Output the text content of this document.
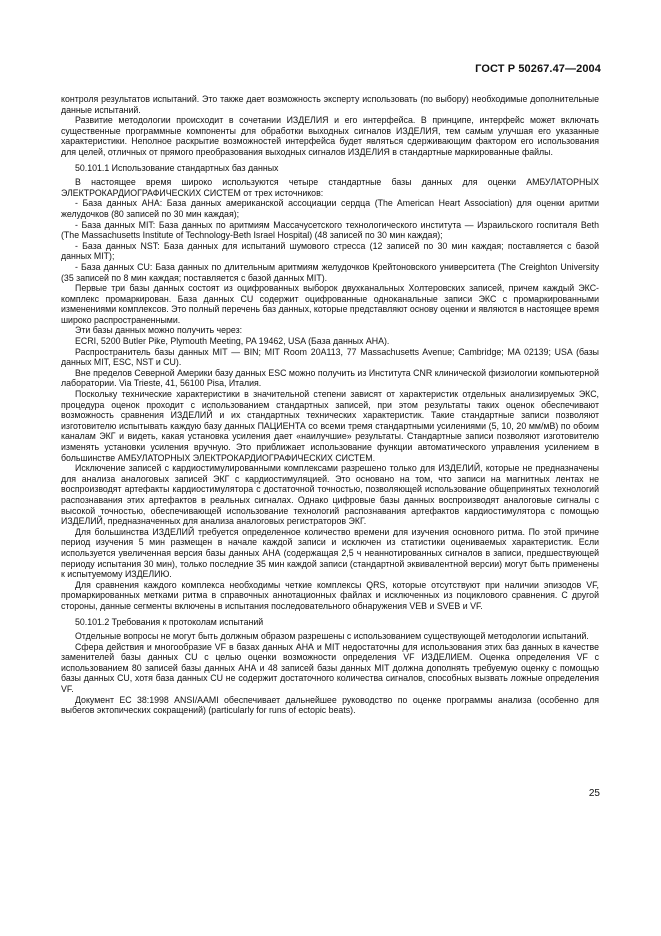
ГОСТ Р 50267.47—2004

контроля результатов испытаний. Это также дает возможность эксперту использовать (по выбору) необходимые дополнительные данные испытаний.

Развитие методологии происходит в сочетании ИЗДЕЛИЯ и его интерфейса. В принципе, интерфейс может включать существенные программные компоненты для обработки выходных сигналов ИЗДЕЛИЯ, тем самым улучшая его указанные характеристики. Неполное раскрытие возможностей интерфейса будет являться сдерживающим фактором его использования для целей, отличных от прямого преобразования выходных сигналов ИЗДЕЛИЯ в стандартные маркированные файлы.

50.101.1 Использование стандартных баз данных

В настоящее время широко используются четыре стандартные базы данных для оценки АМБУЛАТОРНЫХ ЭЛЕКТРОКАРДИОГРАФИЧЕСКИХ СИСТЕМ от трех источников:

- База данных АНА: База данных американской ассоциации сердца (The American Heart Association) для оценки аритми желудочков (80 записей по 30 мин каждая);

- База данных MIT: База данных по аритмиям Массачусетского технологического института — Израильского госпиталя Beth (The Massachusetts Institute of Technology-Beth Israel Hospital) (48 записей по 30 мин каждая);

- База данных NST: База данных для испытаний шумового стресса (12 записей по 30 мин каждая; поставляется с базой данных MIT);

- База данных CU: База данных по длительным аритмиям желудочков Крейтоновского университета (The Creighton University (35 записей по 8 мин каждая; поставляется с базой данных MIT).

Первые три базы данных состоят из оцифрованных выборок двухканальных Холтеровских записей, причем каждый ЭКС-комплекс промаркирован. База данных CU содержит оцифрованные одноканальные записи ЭКС с промаркированными изменениями комплексов. Это полный перечень баз данных, которые представляют основу оценки и являются в настоящее время широко распространенными.

Эти базы данных можно получить через:

ECRI, 5200 Butler Pike, Plymouth Meeting, PA 19462, USA (База данных АНА).

Распространитель базы данных MIT — BIN; MIT Room 20A113, 77 Massachusetts Avenue; Cambridge; MA 02139; USA (базы данных MIT, ESC, NST и CU).

Вне пределов Северной Америки базу данных ESC можно получить из Института CNR клинической физиологии компьютерной лаборатории. Via Trieste, 41, 56100 Pisa, Италия.

Поскольку технические характеристики в значительной степени зависят от характеристик отдельных анализируемых ЭКС, процедура оценок проходит с использованием стандартных записей, при этом результаты таких оценок обеспечивают возможность сравнения ИЗДЕЛИЙ и их стандартных технических характеристик. Такие стандартные записи позволяют изготовителю испытывать каждую базу данных ПАЦИЕНТА со всеми тремя стандартными усилениями (5, 10, 20 мм/мВ) по обоим каналам ЭКГ и видеть, какая установка усиления дает «наилучшие» результаты. Стандартные записи позволяют изготовителю изменять установки усиления вручную. Это приближает использование функции автоматического управления усилением в большинстве АМБУЛАТОРНЫХ ЭЛЕКТРОКАРДИОГРАФИЧЕСКИХ СИСТЕМ.

Исключение записей с кардиостимулированными комплексами разрешено только для ИЗДЕЛИЙ, которые не предназначены для анализа аналоговых записей ЭКГ с кардиостимуляцией. Это основано на том, что записи на магнитных лентах не воспроизводят артефакты кардиостимулятора с достаточной точностью, позволяющей использование общепринятых технологий распознавания этих артефактов в реальных сигналах. Однако цифровые базы данных воспроизводят аналоговые сигналы с высокой точностью, обеспечивающей использование технологий распознавания артефактов кардиостимулятора с помощью ИЗДЕЛИЙ, предназначенных для анализа аналоговых регистраторов ЭКГ.

Для большинства ИЗДЕЛИЙ требуется определенное количество времени для изучения основного ритма. По этой причине период изучения 5 мин размещен в начале каждой записи и исключен из статистики оцениваемых характеристик. Если используется увеличенная версия базы данных АНА (содержащая 2,5 ч неаннотированных сигналов в записи, предшествующей периоду испытания 30 мин), только последние 35 мин каждой записи (стандартной эквивалентной версии) могут быть применены к испытуемому ИЗДЕЛИЮ.

Для сравнения каждого комплекса необходимы четкие комплексы QRS, которые отсутствуют при наличии эпизодов VF, промаркированных метками ритма в справочных аннотационных файлах и исключенных из поциклового сравнения. С другой стороны, данные сегменты включены в испытания последовательного обнаружения VEB и SVEB и VF.

50.101.2 Требования к протоколам испытаний

Отдельные вопросы не могут быть должным образом разрешены с использованием существующей методологии испытаний.

Сфера действия и многообразие VF в базах данных АНА и MIT недостаточны для использования этих баз данных в качестве заменителей базы данных CU с целью оценки возможности определения VF ИЗДЕЛИЕМ. Оценка определения VF с использованием 80 записей базы данных АНА и 48 записей базы данных MIT должна дополнять требуемую оценку с помощью базы данных CU, хотя база данных CU не содержит достаточного количества сигналов, способных вызвать ложные определения VF.

Документ ЕС 38:1998 ANSI/AAMI обеспечивает дальнейшее руководство по оценке программы анализа (особенно для выбегов эктопических сокращений) (particularly for runs of ectopic beats).

25
